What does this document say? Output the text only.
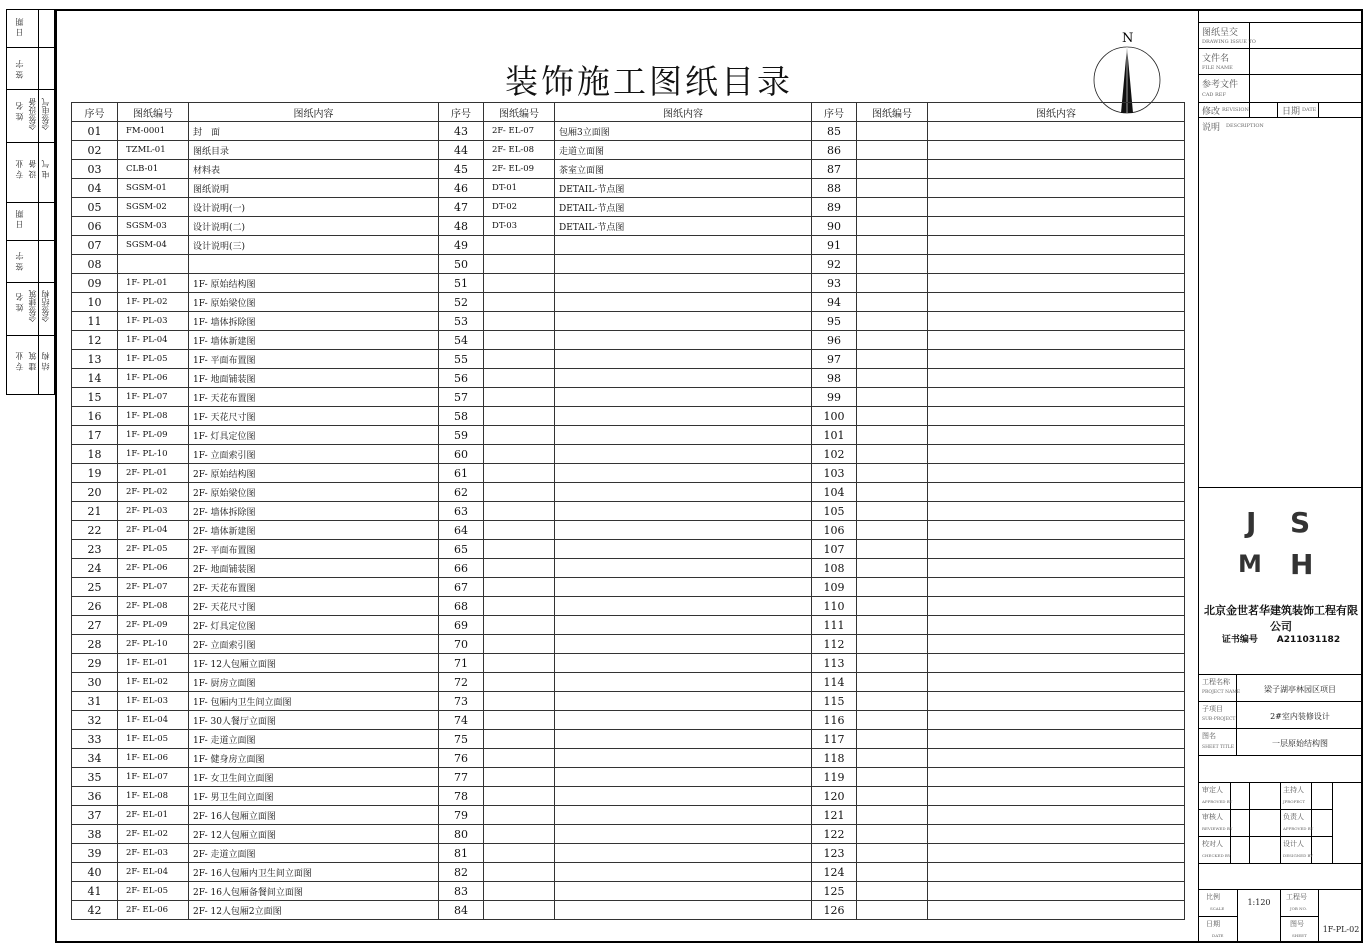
日 期
签 字
姓 名 会签设备 会签电气
专 业 设 备 电 气
日 期
签 字
姓 名 会签建筑 会签结构
专 业 建 筑 结 构
装饰施工图纸目录
N
序号	图纸编号	图纸内容	序号	图纸编号	图纸内容	序号	图纸编号	图纸内容
01	FM-0001	封　面	43	2F- EL-07	包厢3立面图	85		
02	TZML-01	图纸目录	44	2F- EL-08	走道立面图	86		
03	CLB-01	材料表	45	2F- EL-09	茶室立面图	87		
04	SGSM-01	图纸说明	46	DT-01	DETAIL-节点图	88		
05	SGSM-02	设计说明(一)	47	DT-02	DETAIL-节点图	89		
06	SGSM-03	设计说明(二)	48	DT-03	DETAIL-节点图	90		
07	SGSM-04	设计说明(三)	49			91		
08			50			92		
09	1F- PL-01	1F- 原始结构图	51			93		
10	1F- PL-02	1F- 原始梁位图	52			94		
11	1F- PL-03	1F- 墙体拆除图	53			95		
12	1F- PL-04	1F- 墙体新建图	54			96		
13	1F- PL-05	1F- 平面布置图	55			97		
14	1F- PL-06	1F- 地面铺装图	56			98		
15	1F- PL-07	1F- 天花布置图	57			99		
16	1F- PL-08	1F- 天花尺寸图	58			100		
17	1F- PL-09	1F- 灯具定位图	59			101		
18	1F- PL-10	1F- 立面索引图	60			102		
19	2F- PL-01	2F- 原始结构图	61			103		
20	2F- PL-02	2F- 原始梁位图	62			104		
21	2F- PL-03	2F- 墙体拆除图	63			105		
22	2F- PL-04	2F- 墙体新建图	64			106		
23	2F- PL-05	2F- 平面布置图	65			107		
24	2F- PL-06	2F- 地面铺装图	66			108		
25	2F- PL-07	2F- 天花布置图	67			109		
26	2F- PL-08	2F- 天花尺寸图	68			110		
27	2F- PL-09	2F- 灯具定位图	69			111		
28	2F- PL-10	2F- 立面索引图	70			112		
29	1F- EL-01	1F- 12人包厢立面图	71			113		
30	1F- EL-02	1F- 厨房立面图	72			114		
31	1F- EL-03	1F- 包厢内卫生间立面图	73			115		
32	1F- EL-04	1F- 30人餐厅立面图	74			116		
33	1F- EL-05	1F- 走道立面图	75			117		
34	1F- EL-06	1F- 健身房立面图	76			118		
35	1F- EL-07	1F- 女卫生间立面图	77			119		
36	1F- EL-08	1F- 男卫生间立面图	78			120		
37	2F- EL-01	2F- 16人包厢立面图	79			121		
38	2F- EL-02	2F- 12人包厢立面图	80			122		
39	2F- EL-03	2F- 走道立面图	81			123		
40	2F- EL-04	2F- 16人包厢内卫生间立面图	82			124		
41	2F- EL-05	2F- 16人包厢备餐间立面图	83			125		
42	2F- EL-06	2F- 12人包厢2立面图	84			126		
图纸呈交
DRAWING ISSUE TO
文件名
FILE NAME
参考文件
CAD REF
修改 REVISION	日期 DATE
说明 DESCRIPTION
J S
M H
北京金世茗华建筑装饰工程有限公司
证书编号 A211031182
工程名称
PROJECT NAME	梁子湖亭林园区项目
子项目
SUB-PROJECT	2#室内装修设计
图名
SHEET TITLE	一层原始结构图
审定人
APPROVED BY
主持人
JPROFECT
审核人
REVIEWED BY
负责人
APPROVED BY
校对人
CHECKED BY
设计人
DESIGNED BY
比例
SCALE
1:120
工程号
JOB NO.
日期
DATE
图号
SHEET
1F-PL-02
